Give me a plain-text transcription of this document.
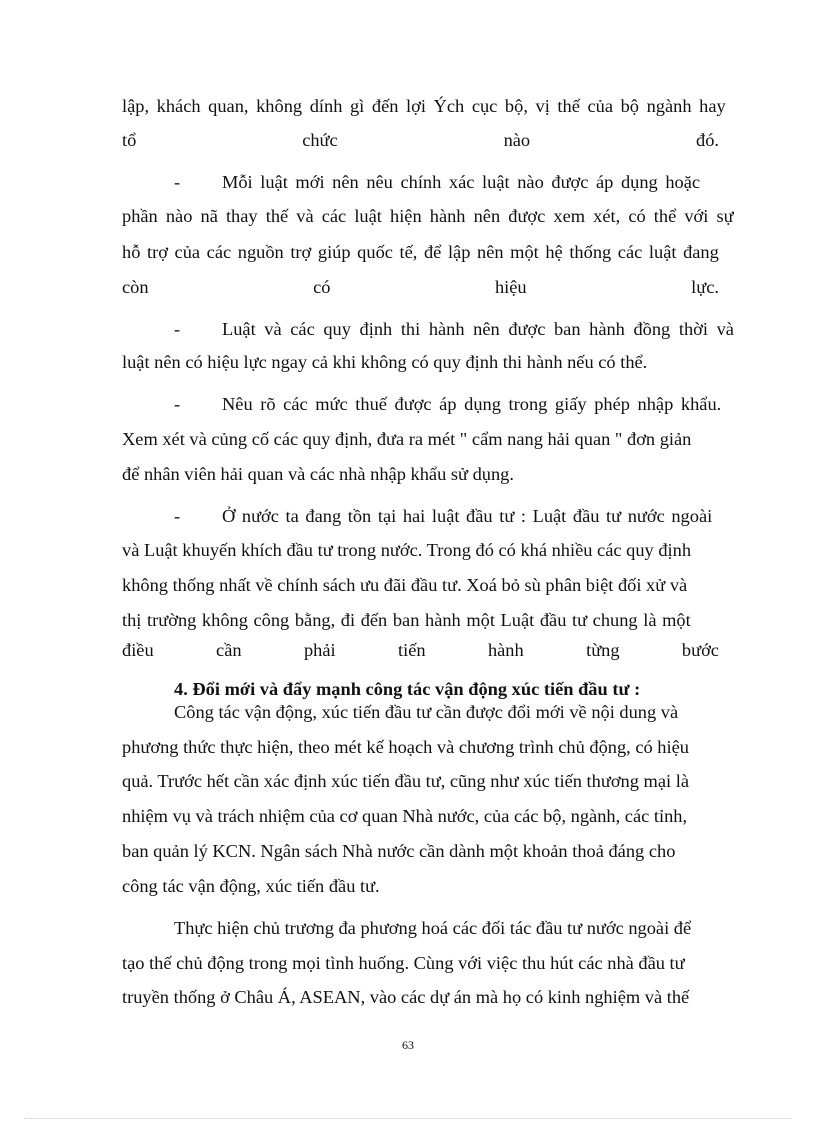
lập, khách quan, không dính gì đến lợi Ých cục bộ, vị thế của bộ ngành hay
tổ	chức	nào	đó.
- Mỗi luật mới nên nêu chính xác luật nào được áp dụng hoặc
phần nào nã thay thế và các luật hiện hành nên được xem xét, có thể với sự
hỗ trợ của các nguồn trợ giúp quốc tế, để lập nên một hệ thống các luật đang
còn	có	hiệu	lực.
- Luật và các quy định thi hành nên được ban hành đồng thời và
luật nên có hiệu lực ngay cả khi không có quy định thi hành nếu có thể.
- Nêu rõ các mức thuế được áp dụng trong giấy phép nhập khẩu.
Xem xét và củng cố các quy định, đưa ra mét " cẩm nang hải quan " đơn giản
để nhân viên hải quan và các nhà nhập khẩu sử dụng.
- Ở nước ta đang tồn tại hai luật đầu tư : Luật đầu tư nước ngoài
và Luật khuyến khích đầu tư trong nước. Trong đó có khá nhiều các quy định
không thống nhất về chính sách ưu đãi đầu tư. Xoá bỏ sù phân biệt đối xử và
thị trường không công bằng, đi đến ban hành một Luật đầu tư chung là một
điều	cần	phải	tiến	hành	từng	bước
4. Đổi mới và đẩy mạnh công tác vận động xúc tiến đầu tư :
Công tác vận động, xúc tiến đầu tư cần được đổi mới về nội dung và
phương thức thực hiện, theo mét kế hoạch và chương trình chủ động, có hiệu
quả. Trước hết cần xác định xúc tiến đầu tư, cũng như xúc tiến thương mại là
nhiệm vụ và trách nhiệm của cơ quan Nhà nước, của các bộ, ngành, các tỉnh,
ban quản lý KCN. Ngân sách Nhà nước cần dành một khoản thoả đáng cho
công tác vận động, xúc tiến đầu tư.
Thực hiện chủ trương đa phương hoá các đối tác đầu tư nước ngoài để
tạo thế chủ động trong mọi tình huống. Cùng với việc thu hút các nhà đầu tư
truyền thống ở Châu Á, ASEAN, vào các dự án mà họ có kinh nghiệm và thế
63
